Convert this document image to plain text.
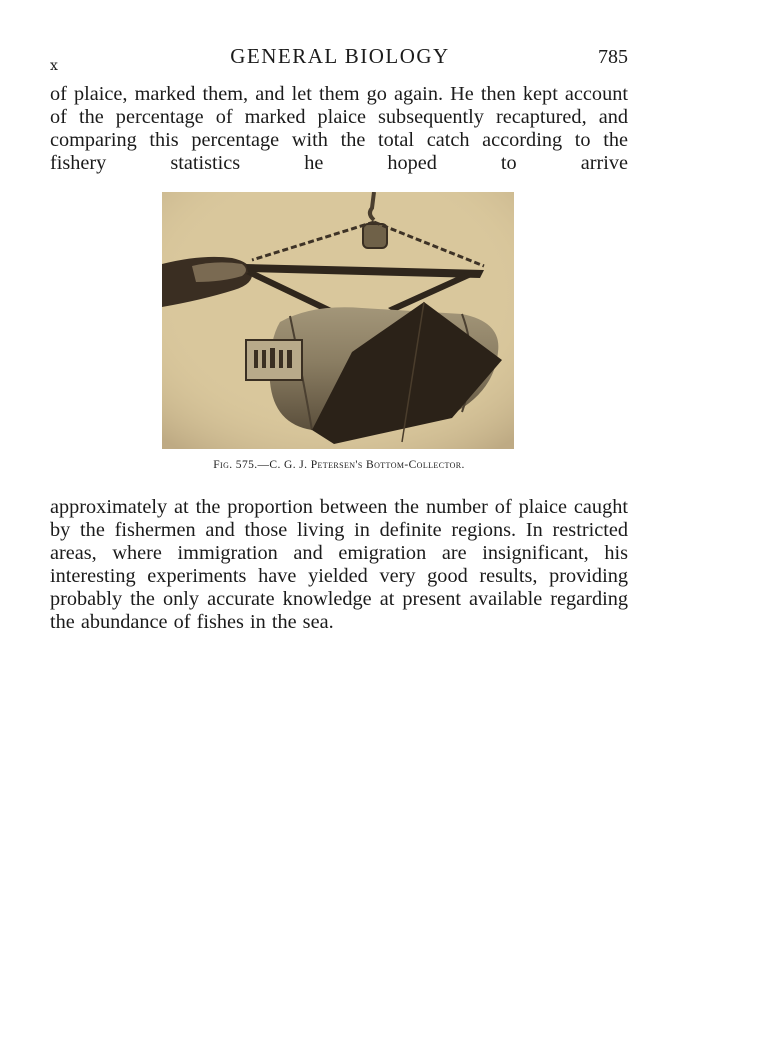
x	GENERAL BIOLOGY	785

of plaice, marked them, and let them go again. He then kept account of the percentage of marked plaice subsequently recaptured, and comparing this percentage with the total catch according to the fishery statistics he hoped to arrive

Fig. 575.—C. G. J. Petersen's Bottom-Collector.

approximately at the proportion between the number of plaice caught by the fishermen and those living in definite regions. In restricted areas, where immigration and emigration are insignificant, his interesting experiments have yielded very good results, providing probably the only accurate knowledge at present available regarding the abundance of fishes in the sea.
